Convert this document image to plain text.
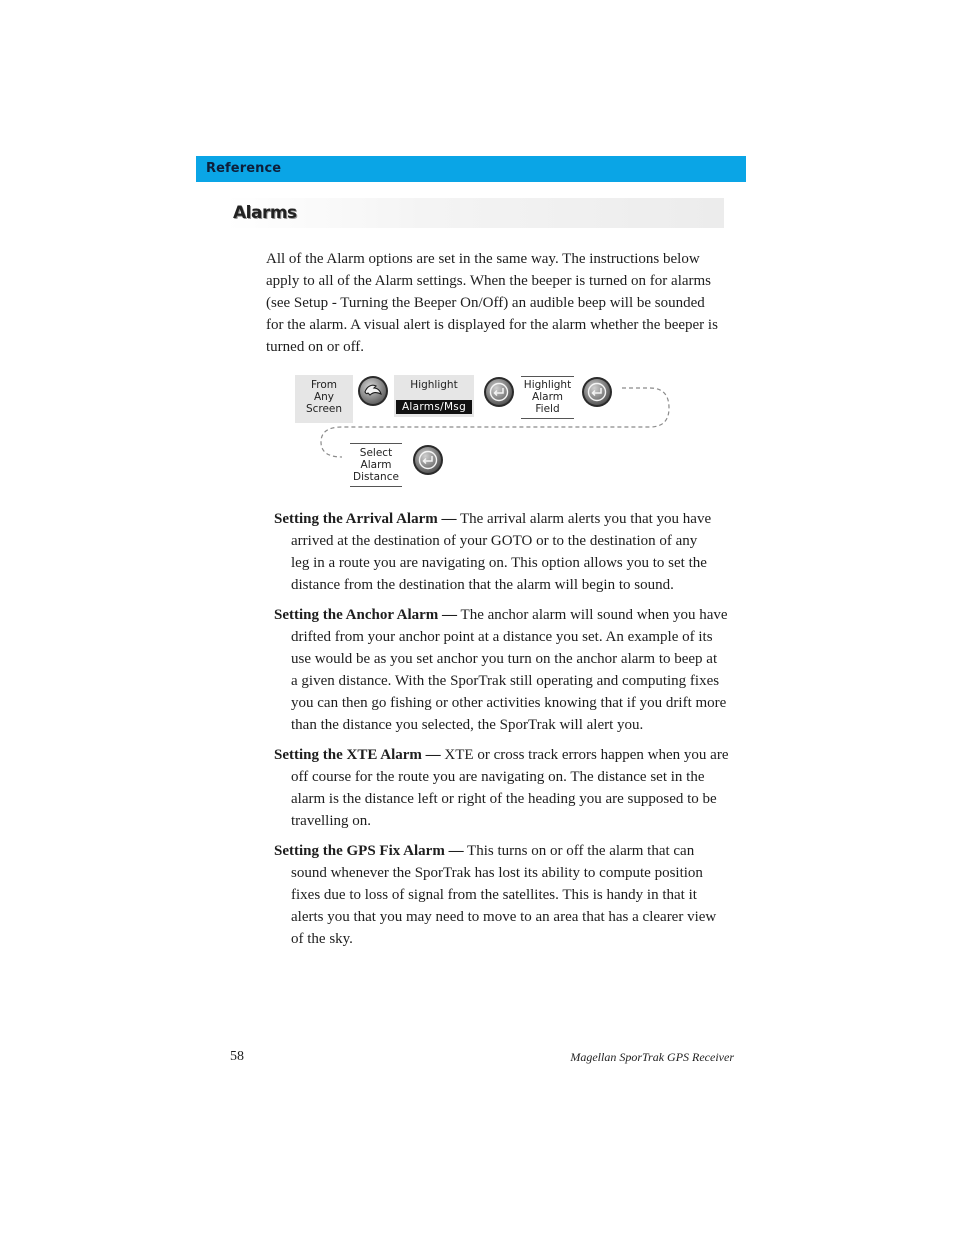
Reference
Alarms

All of the Alarm options are set in the same way. The instructions below
apply to all of the Alarm settings. When the beeper is turned on for alarms
(see Setup - Turning the Beeper On/Off) an audible beep will be sounded
for the alarm. A visual alert is displayed for the alarm whether the beeper is
turned on or off.

From
Any
Screen
Highlight
Alarms/Msg
Highlight
Alarm
Field
Select
Alarm
Distance

Setting the Arrival Alarm — The arrival alarm alerts you that you have
arrived at the destination of your GOTO or to the destination of any
leg in a route you are navigating on. This option allows you to set the
distance from the destination that the alarm will begin to sound.

Setting the Anchor Alarm — The anchor alarm will sound when you have
drifted from your anchor point at a distance you set. An example of its
use would be as you set anchor you turn on the anchor alarm to beep at
a given distance. With the SporTrak still operating and computing fixes
you can then go fishing or other activities knowing that if you drift more
than the distance you selected, the SporTrak will alert you.

Setting the XTE Alarm — XTE or cross track errors happen when you are
off course for the route you are navigating on. The distance set in the
alarm is the distance left or right of the heading you are supposed to be
travelling on.

Setting the GPS Fix Alarm — This turns on or off the alarm that can
sound whenever the SporTrak has lost its ability to compute position
fixes due to loss of signal from the satellites. This is handy in that it
alerts you that you may need to move to an area that has a clearer view
of the sky.

58	Magellan SporTrak GPS Receiver
